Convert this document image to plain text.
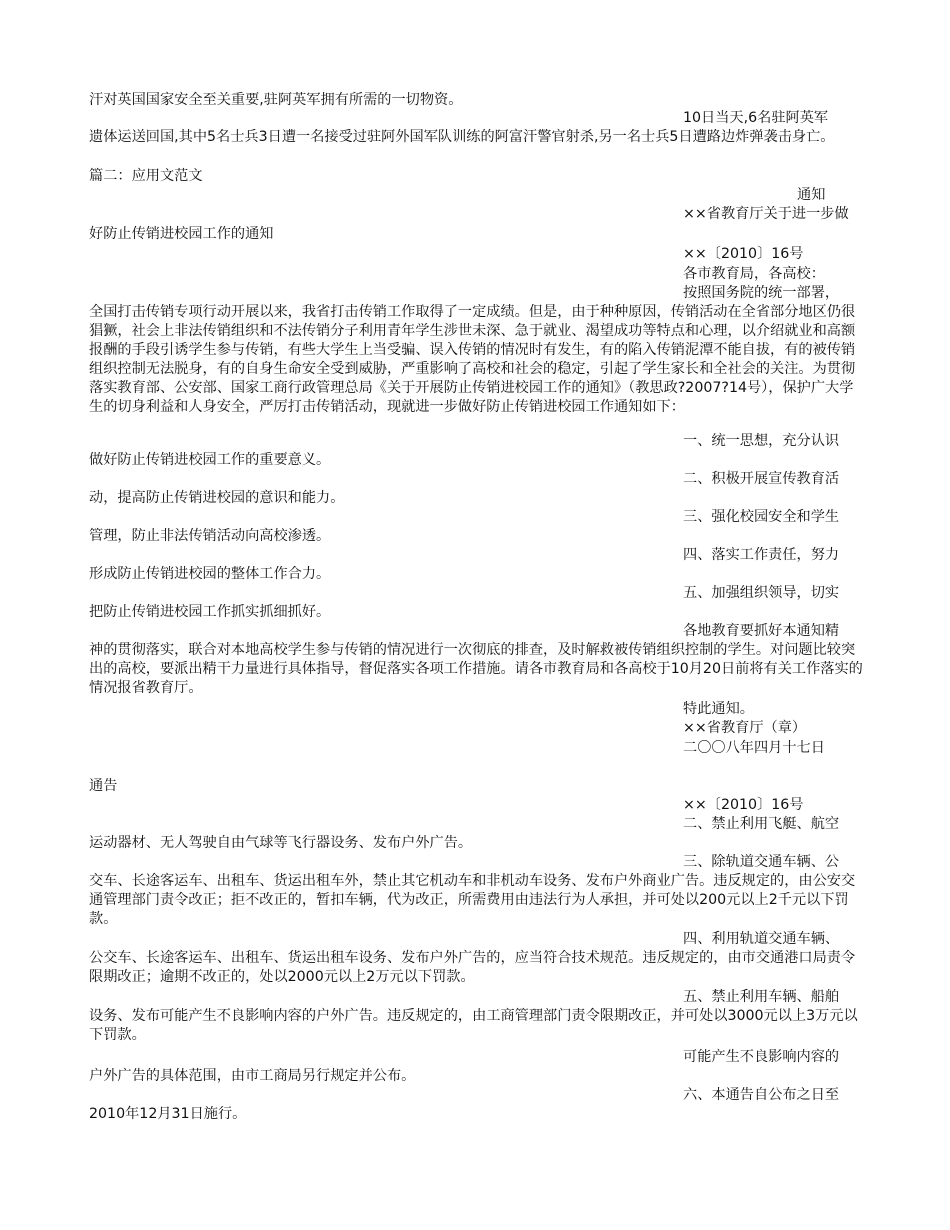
汗对英国国家安全至关重要,驻阿英军拥有所需的一切物资。

10日当天,6名驻阿英军

遗体运送回国,其中5名士兵3日遭一名接受过驻阿外国军队训练的阿富汗警官射杀,另一名士兵5日遭路边炸弹袭击身亡。

篇二：应用文范文

通知

××省教育厅关于进一步做

好防止传销进校园工作的通知

××〔2010〕16号

各市教育局，各高校：

按照国务院的统一部署，

全国打击传销专项行动开展以来，我省打击传销工作取得了一定成绩。但是，由于种种原因，传销活动在全省部分地区仍很猖獗，社会上非法传销组织和不法传销分子利用青年学生涉世未深、急于就业、渴望成功等特点和心理，以介绍就业和高额报酬的手段引诱学生参与传销，有些大学生上当受骗、误入传销的情况时有发生，有的陷入传销泥潭不能自拔，有的被传销组织控制无法脱身，有的自身生命安全受到威胁，严重影响了高校和社会的稳定，引起了学生家长和全社会的关注。为贯彻落实教育部、公安部、国家工商行政管理总局《关于开展防止传销进校园工作的通知》（教思政?2007?14号），保护广大学生的切身利益和人身安全，严厉打击传销活动，现就进一步做好防止传销进校园工作通知如下：

一、统一思想，充分认识

做好防止传销进校园工作的重要意义。

二、积极开展宣传教育活

动，提高防止传销进校园的意识和能力。

三、强化校园安全和学生

管理，防止非法传销活动向高校渗透。

四、落实工作责任，努力

形成防止传销进校园的整体工作合力。

五、加强组织领导，切实

把防止传销进校园工作抓实抓细抓好。

各地教育要抓好本通知精

神的贯彻落实，联合对本地高校学生参与传销的情况进行一次彻底的排查，及时解救被传销组织控制的学生。对问题比较突出的高校，要派出精干力量进行具体指导，督促落实各项工作措施。请各市教育局和各高校于10月20日前将有关工作落实的情况报省教育厅。

特此通知。

××省教育厅（章）

二〇〇八年四月十七日

通告

××〔2010〕16号

二、禁止利用飞艇、航空

运动器材、无人驾驶自由气球等飞行器设务、发布户外广告。

三、除轨道交通车辆、公

交车、长途客运车、出租车、货运出租车外，禁止其它机动车和非机动车设务、发布户外商业广告。违反规定的，由公安交通管理部门责令改正；拒不改正的，暂扣车辆，代为改正，所需费用由违法行为人承担，并可处以200元以上2千元以下罚款。

四、利用轨道交通车辆、

公交车、长途客运车、出租车、货运出租车设务、发布户外广告的，应当符合技术规范。违反规定的，由市交通港口局责令限期改正；逾期不改正的，处以2000元以上2万元以下罚款。

五、禁止利用车辆、船舶

设务、发布可能产生不良影响内容的户外广告。违反规定的，由工商管理部门责令限期改正，并可处以3000元以上3万元以下罚款。

可能产生不良影响内容的

户外广告的具体范围，由市工商局另行规定并公布。

六、本通告自公布之日至

2010年12月31日施行。
